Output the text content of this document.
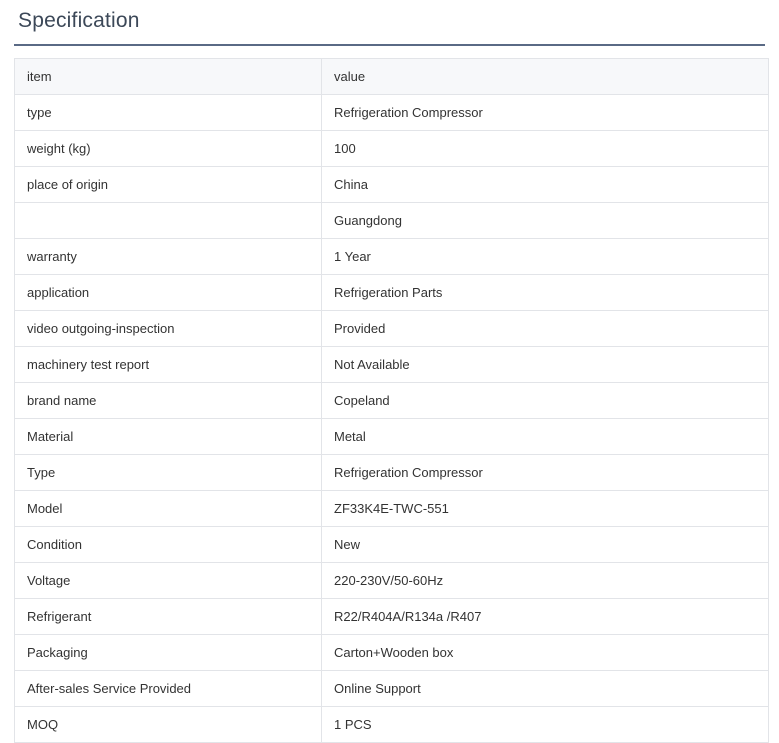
Specification
item	value
type	Refrigeration Compressor
weight (kg)	100
place of origin	China
	Guangdong
warranty	1 Year
application	Refrigeration Parts
video outgoing-inspection	Provided
machinery test report	Not Available
brand name	Copeland
Material	Metal
Type	Refrigeration Compressor
Model	ZF33K4E-TWC-551
Condition	New
Voltage	220-230V/50-60Hz
Refrigerant	R22/R404A/R134a /R407
Packaging	Carton+Wooden box
After-sales Service Provided	Online Support
MOQ	1 PCS
